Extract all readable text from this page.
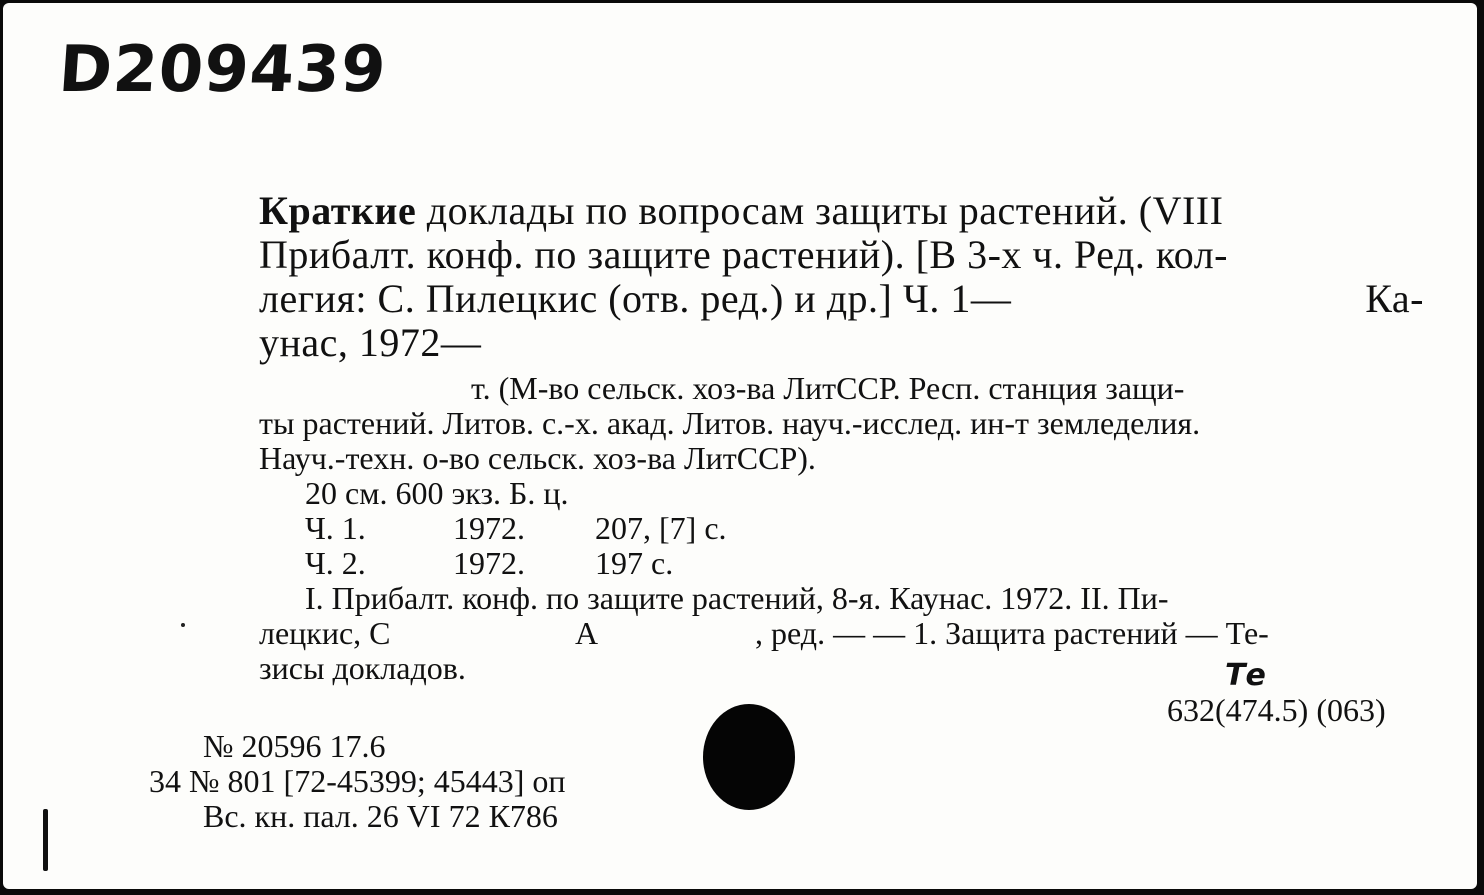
D209439
Краткие доклады по вопросам защиты растений. (VIII
Прибалт. конф. по защите растений). [В 3-х ч. Ред. кол-
легия: С. Пилецкис (отв. ред.) и др.] Ч. 1—	Ка-
унас, 1972—
т. (М-во сельск. хоз-ва ЛитССР. Респ. станция защи-
ты растений. Литов. с.-х. акад. Литов. науч.-исслед. ин-т земледелия.
Науч.-техн. о-во сельск. хоз-ва ЛитССР).
20 см. 600 экз. Б. ц.
Ч. 1.	1972. 207, [7] с.
Ч. 2.	1972. 197 с.
I. Прибалт. конф. по защите растений, 8-я. Каунас. 1972. II. Пи-
лецкис, С	А	, ред. — — 1. Защита растений — Те-
зисы докладов.	Те
632(474.5) (063)
№ 20596 17.6
34 № 801 [72-45399; 45443] оп
Вс. кн. пал. 26 VI 72 К786
